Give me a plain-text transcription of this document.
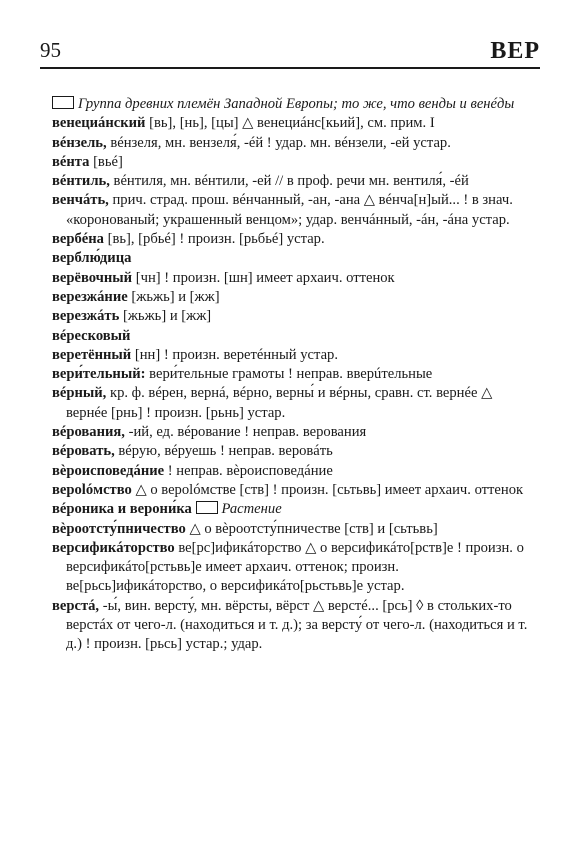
95	ВЕР

Группа древних племён Западной Европы; то же, что венды и венéды

венециáнский [вь], [нь], [цы] △ венециáнс[кьий], см. прим. I

вéнзель, вéнзеля, мн. вензеля́, -éй ! удар. мн. вéнзели, -ей устар.

вéнта [вьé]

вéнтиль, вéнтиля, мн. вéнтили, -ей // в проф. речи мн. вентиля́, -éй

венчáть, прич. страд. прош. вéнчанный, -ан, -ана △ вéнча[н]ый... ! в знач. «коронованый; украшенный венцом»; удар. венчáнный, -áн, -áна устар.

вербéна [вь], [рбьé] ! произн. [рьбьé] устар.

верблю́дица

верёвочный [чн] ! произн. [шн] имеет архаич. оттенок

верезжáние [жьжь] и [жж]

верезжáть [жьжь] и [жж]

вéресковый

веретённый [нн] ! произн. веретéнный устар.

вери́тельный: вери́тельные грамоты ! неправ. вверúтельные

вéрный, кр. ф. вéрен, вернá, вéрно, верны́ и вéрны, сравн. ст. вернéе △ вернéе [рнь] ! произн. [рьнь] устар.

вéрования, -ий, ед. вéрование ! неправ. верования

вéровать, вéрую, вéруешь ! неправ. веровáть

вѐроисповедáние ! неправ. вѐроисповедáние

верolóмство △ о верolóмстве [ств] ! произн. [сьтьвь] имеет архаич. оттенок

вéроника и верони́ка Растение

вѐроотсту́пничество △ о вѐроотсту́пничестве [ств] и [сьтьвь]

версификáторство ве[рс]ификáторство △ о версификáто[рств]е ! произн. о версификáто[рстьвь]е имеет архаич. оттенок; произн. ве[рьсь]ификáторство, о версификáто[рьстьвь]е устар.

верстá, -ы́, вин. версту́, мн. вёрсты, вёрст △ верстé... [рсь] ◊ в стольких-то верстáх от чего-л. (находиться и т. д.); за версту́ от чего-л. (находиться и т. д.) ! произн. [рьсь] устар.; удар.
